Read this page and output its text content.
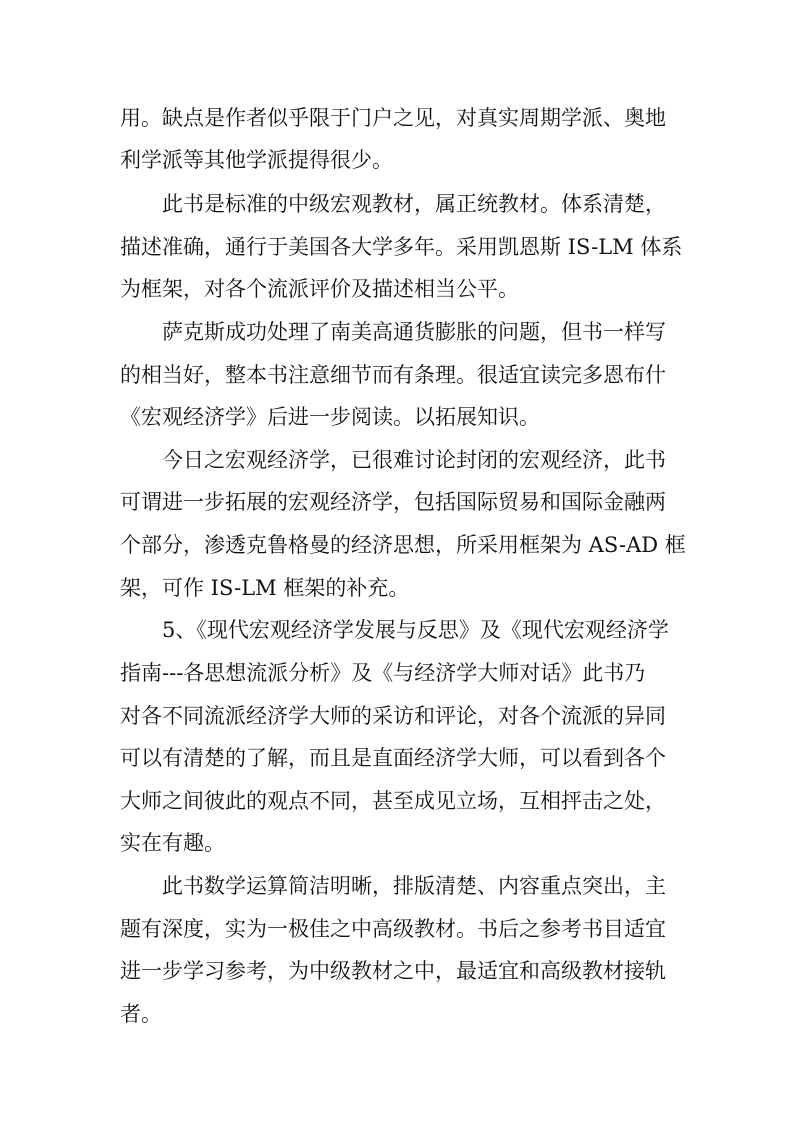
用。缺点是作者似乎限于门户之见，对真实周期学派、奥地

利学派等其他学派提得很少。

此书是标准的中级宏观教材，属正统教材。体系清楚，

描述准确，通行于美国各大学多年。采用凯恩斯 IS-LM 体系

为框架，对各个流派评价及描述相当公平。

萨克斯成功处理了南美高通货膨胀的问题，但书一样写

的相当好，整本书注意细节而有条理。很适宜读完多恩布什

《宏观经济学》后进一步阅读。以拓展知识。

今日之宏观经济学，已很难讨论封闭的宏观经济，此书

可谓进一步拓展的宏观经济学，包括国际贸易和国际金融两

个部分，渗透克鲁格曼的经济思想，所采用框架为 AS-AD 框

架，可作 IS-LM 框架的补充。

5、《现代宏观经济学发展与反思》及《现代宏观经济学

指南---各思想流派分析》及《与经济学大师对话》此书乃

对各不同流派经济学大师的采访和评论，对各个流派的异同

可以有清楚的了解，而且是直面经济学大师，可以看到各个

大师之间彼此的观点不同，甚至成见立场，互相抨击之处，

实在有趣。

此书数学运算简洁明晰，排版清楚、内容重点突出，主

题有深度，实为一极佳之中高级教材。书后之参考书目适宜

进一步学习参考，为中级教材之中，最适宜和高级教材接轨

者。
